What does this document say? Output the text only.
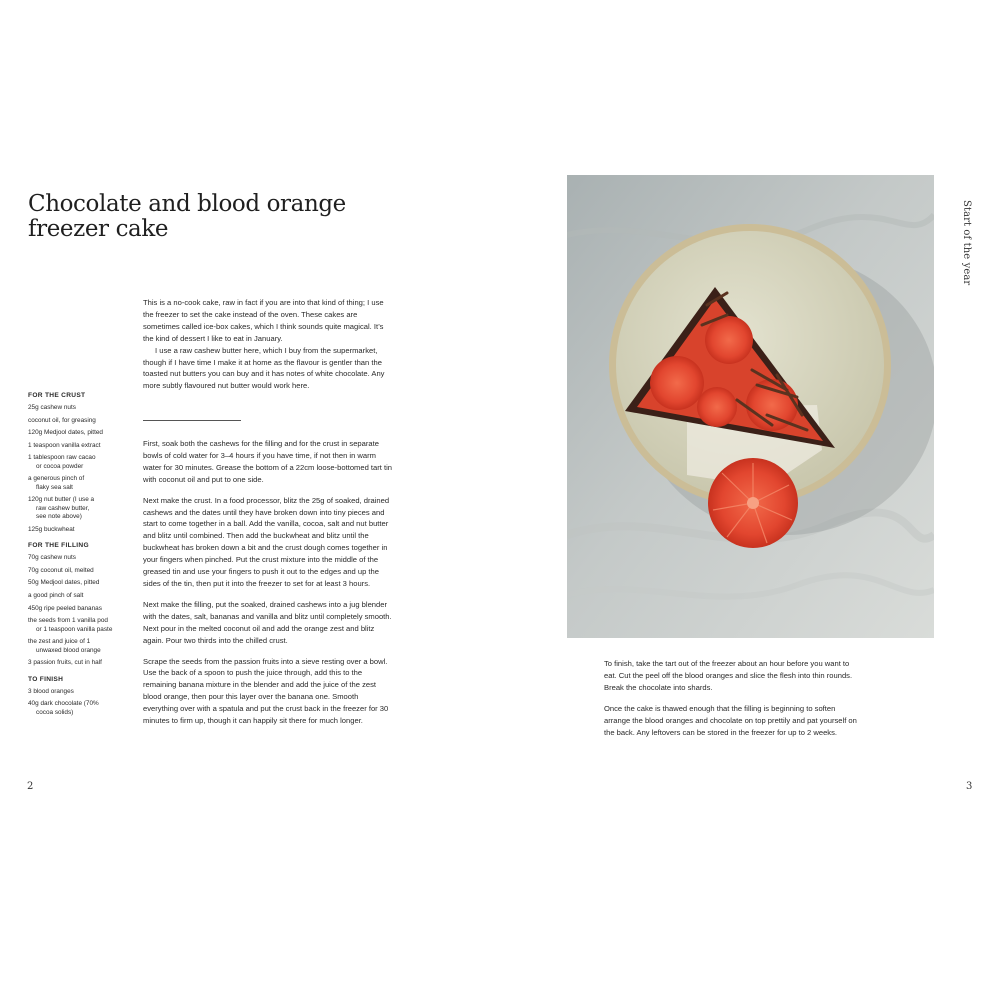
Chocolate and blood orange
freezer cake

This is a no-cook cake, raw in fact if you are into that kind of thing; I use the freezer to set the cake instead of the oven. These cakes are sometimes called ice-box cakes, which I think sounds quite magical. It’s the kind of dessert I like to eat in January.

I use a raw cashew butter here, which I buy from the supermarket, though if I have time I make it at home as the flavour is gentler than the toasted nut butters you can buy and it has notes of white chocolate. Any more subtly flavoured nut butter would work here.

FOR THE CRUST
25g cashew nuts
coconut oil, for greasing
120g Medjool dates, pitted
1 teaspoon vanilla extract
1 tablespoon raw cacao
or cocoa powder
a generous pinch of
flaky sea salt
120g nut butter (I use a
raw cashew butter,
see note above)
125g buckwheat
FOR THE FILLING
70g cashew nuts
70g coconut oil, melted
50g Medjool dates, pitted
a good pinch of salt
450g ripe peeled bananas
the seeds from 1 vanilla pod
or 1 teaspoon vanilla paste
the zest and juice of 1
unwaxed blood orange
3 passion fruits, cut in half
TO FINISH
3 blood oranges
40g dark chocolate (70%
cocoa solids)

First, soak both the cashews for the filling and for the crust in separate bowls of cold water for 3–4 hours if you have time, if not then in warm water for 30 minutes. Grease the bottom of a 22cm loose-bottomed tart tin with coconut oil and put to one side.

Next make the crust. In a food processor, blitz the 25g of soaked, drained cashews and the dates until they have broken down into tiny pieces and start to come together in a ball. Add the vanilla, cocoa, salt and nut butter and blitz until combined. Then add the buckwheat and blitz until the buckwheat has broken down a bit and the crust dough comes together in your fingers when pinched. Put the crust mixture into the middle of the greased tin and use your fingers to push it out to the edges and up the sides of the tin, then put it into the freezer to set for at least 3 hours.

Next make the filling, put the soaked, drained cashews into a jug blender with the dates, salt, bananas and vanilla and blitz until completely smooth. Next pour in the melted coconut oil and add the orange zest and blitz again. Pour two thirds into the chilled crust.

Scrape the seeds from the passion fruits into a sieve resting over a bowl. Use the back of a spoon to push the juice through, add this to the remaining banana mixture in the blender and add the juice of the zest blood orange, then pour this layer over the banana one. Smooth everything over with a spatula and put the crust back in the freezer for 30 minutes to firm up, though it can happily sit there for much longer.

2
Start of the year

To finish, take the tart out of the freezer about an hour before you want to eat. Cut the peel off the blood oranges and slice the flesh into thin rounds. Break the chocolate into shards.

Once the cake is thawed enough that the filling is beginning to soften arrange the blood oranges and chocolate on top prettily and pat yourself on the back. Any leftovers can be stored in the freezer for up to 2 weeks.

3
